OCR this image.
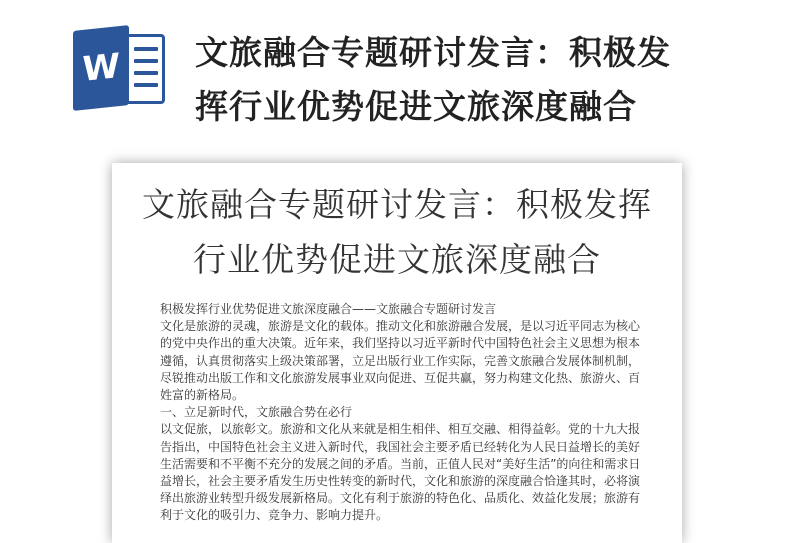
W 文旅融合专题研讨发言：积极发
挥行业优势促进文旅深度融合
文旅融合专题研讨发言：积极发挥
行业优势促进文旅深度融合

积极发挥行业优势促进文旅深度融合——文旅融合专题研讨发言

文化是旅游的灵魂，旅游是文化的载体。推动文化和旅游融合发展，是以习近平同志为核心

的党中央作出的重大决策。近年来，我们坚持以习近平新时代中国特色社会主义思想为根本

遵循，认真贯彻落实上级决策部署，立足出版行业工作实际，完善文旅融合发展体制机制，

尽锐推动出版工作和文化旅游发展事业双向促进、互促共赢，努力构建文化热、旅游火、百

姓富的新格局。

一、立足新时代，文旅融合势在必行

以文促旅，以旅彰文。旅游和文化从来就是相生相伴、相互交融、相得益彰。党的十九大报

告指出，中国特色社会主义进入新时代，我国社会主要矛盾已经转化为人民日益增长的美好

生活需要和不平衡不充分的发展之间的矛盾。当前，正值人民对“美好生活”的向往和需求日

益增长，社会主要矛盾发生历史性转变的新时代，文化和旅游的深度融合恰逢其时，必将演

绎出旅游业转型升级发展新格局。文化有利于旅游的特色化、品质化、效益化发展；旅游有

利于文化的吸引力、竞争力、影响力提升。
